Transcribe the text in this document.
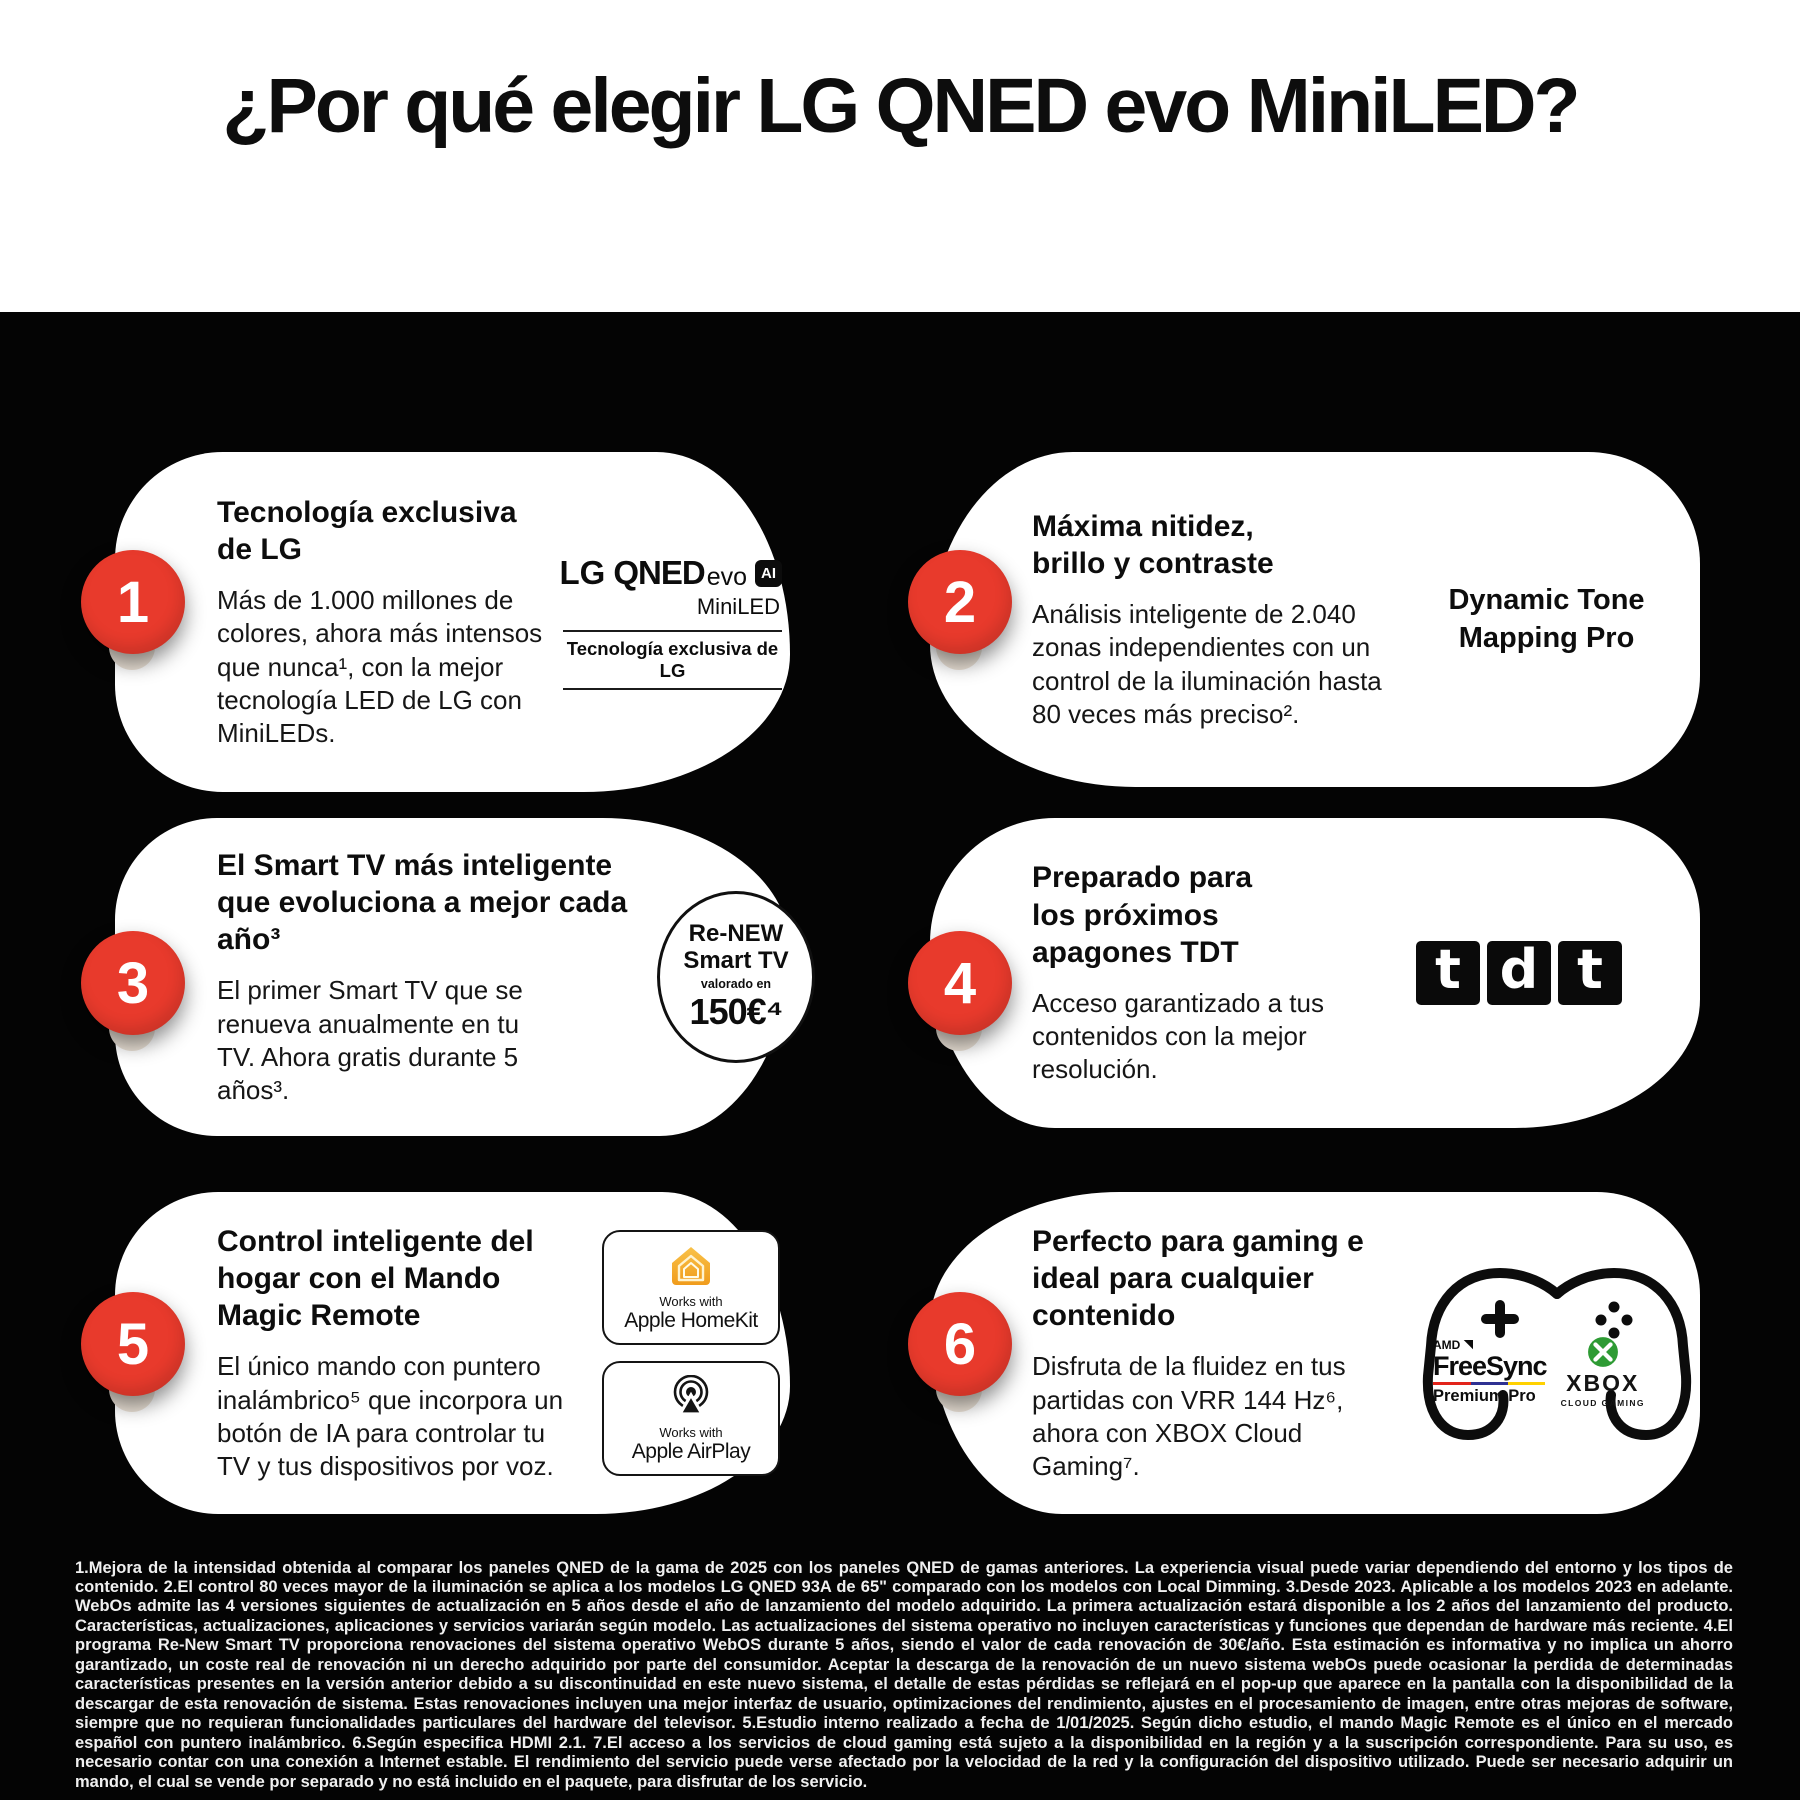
¿Por qué elegir LG QNED evo MiniLED?
Tecnología exclusiva de LG

Más de 1.000 millones de colores, ahora más intensos que nunca¹, con la mejor tecnología LED de LG con MiniLEDs.

LG QNED evo AI
MiniLED
Tecnología exclusiva de LG
Máxima nitidez, brillo y contraste

Análisis inteligente de 2.040 zonas independientes con un control de la iluminación hasta 80 veces más preciso².

Dynamic Tone Mapping Pro
El Smart TV más inteligente que evoluciona a mejor cada año³

El primer Smart TV que se renueva anualmente en tu TV. Ahora gratis durante 5 años³.

Re-NEW
Smart TV
valorado en
150€⁴
Preparado para los próximos apagones TDT

Acceso garantizado a tus contenidos con la mejor resolución.

t d t
Control inteligente del hogar con el Mando Magic Remote

El único mando con puntero inalámbrico⁵ que incorpora un botón de IA para controlar tu TV y tus dispositivos por voz.

Works with
Apple HomeKit
Works with
Apple AirPlay
Perfecto para gaming e ideal para cualquier contenido

Disfruta de la fluidez en tus partidas con VRR 144 Hz⁶, ahora con XBOX Cloud Gaming⁷.

AMD
FreeSync
Premium Pro
XBOX
CLOUD GAMING
1	2
3	4
5	6

1.Mejora de la intensidad obtenida al comparar los paneles QNED de la gama de 2025 con los paneles QNED de gamas anteriores. La experiencia visual puede variar dependiendo del entorno y los tipos de contenido. 2.El control 80 veces mayor de la iluminación se aplica a los modelos LG QNED 93A de 65" comparado con los modelos con Local Dimming. 3.Desde 2023. Aplicable a los modelos 2023 en adelante. WebOs admite las 4 versiones siguientes de actualización en 5 años desde el año de lanzamiento del modelo adquirido. La primera actualización estará disponible a los 2 años del lanzamiento del producto. Características, actualizaciones, aplicaciones y servicios variarán según modelo. Las actualizaciones del sistema operativo no incluyen características y funciones que dependan de hardware más reciente. 4.El programa Re-New Smart TV proporciona renovaciones del sistema operativo WebOS durante 5 años, siendo el valor de cada renovación de 30€/año. Esta estimación es informativa y no implica un ahorro garantizado, un coste real de renovación ni un derecho adquirido por parte del consumidor. Aceptar la descarga de la renovación de un nuevo sistema webOs puede ocasionar la perdida de determinadas características presentes en la versión anterior debido a su discontinuidad en este nuevo sistema, el detalle de estas pérdidas se reflejará en el pop-up que aparece en la pantalla con la disponibilidad de la descargar de esta renovación de sistema. Estas renovaciones incluyen una mejor interfaz de usuario, optimizaciones del rendimiento, ajustes en el procesamiento de imagen, entre otras mejoras de software, siempre que no requieran funcionalidades particulares del hardware del televisor. 5.Estudio interno realizado a fecha de 1/01/2025. Según dicho estudio, el mando Magic Remote es el único en el mercado español con puntero inalámbrico. 6.Según especifica HDMI 2.1. 7.El acceso a los servicios de cloud gaming está sujeto a la disponibilidad en la región y a la suscripción correspondiente. Para su uso, es necesario contar con una conexión a Internet estable. El rendimiento del servicio puede verse afectado por la velocidad de la red y la configuración del dispositivo utilizado. Puede ser necesario adquirir un mando, el cual se vende por separado y no está incluido en el paquete, para disfrutar de los servicio.
